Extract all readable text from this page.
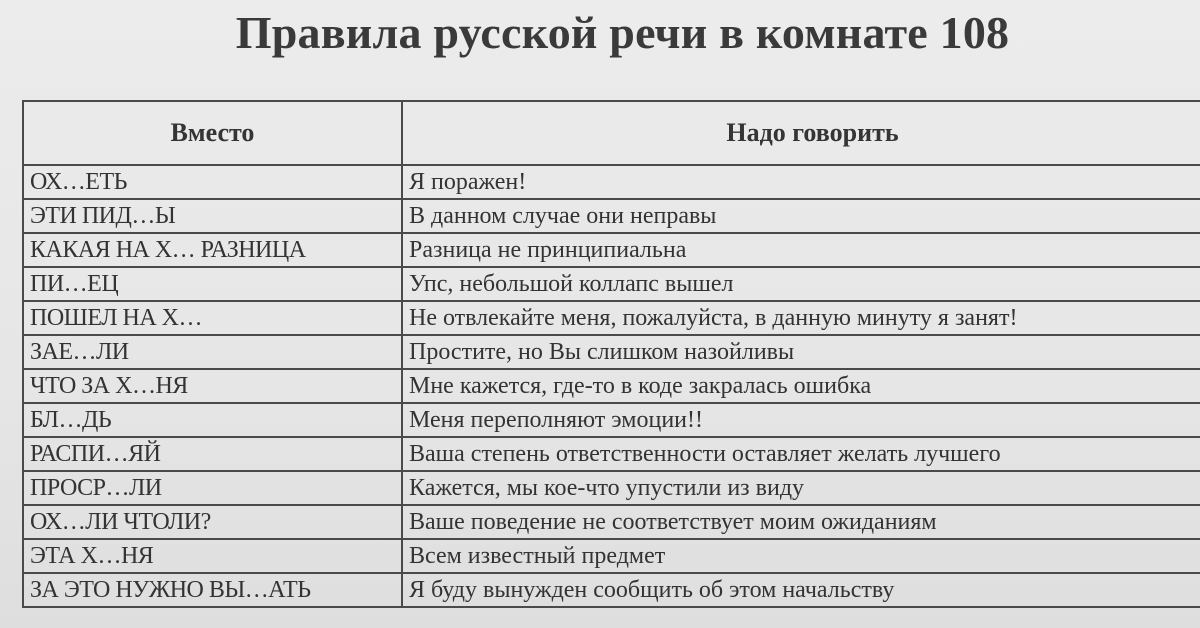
Правила русской речи в комнате 108
Вместо	Надо говорить
ОХ…ЕТЬ	Я поражен!
ЭТИ ПИД…Ы	В данном случае они неправы
КАКАЯ НА Х… РАЗНИЦА	Разница не принципиальна
ПИ…ЕЦ	Упс, небольшой коллапс вышел
ПОШЕЛ НА Х…	Не отвлекайте меня, пожалуйста, в данную минуту я занят!
ЗАЕ…ЛИ	Простите, но Вы слишком назойливы
ЧТО ЗА Х…НЯ	Мне кажется, где-то в коде закралась ошибка
БЛ…ДЬ	Меня переполняют эмоции!!
РАСПИ…ЯЙ	Ваша степень ответственности оставляет желать лучшего
ПРОСР…ЛИ	Кажется, мы кое-что упустили из виду
ОХ…ЛИ ЧТОЛИ?	Ваше поведение не соответствует моим ожиданиям
ЭТА Х…НЯ	Всем известный предмет
ЗА ЭТО НУЖНО ВЫ…АТЬ	Я буду вынужден сообщить об этом начальству
